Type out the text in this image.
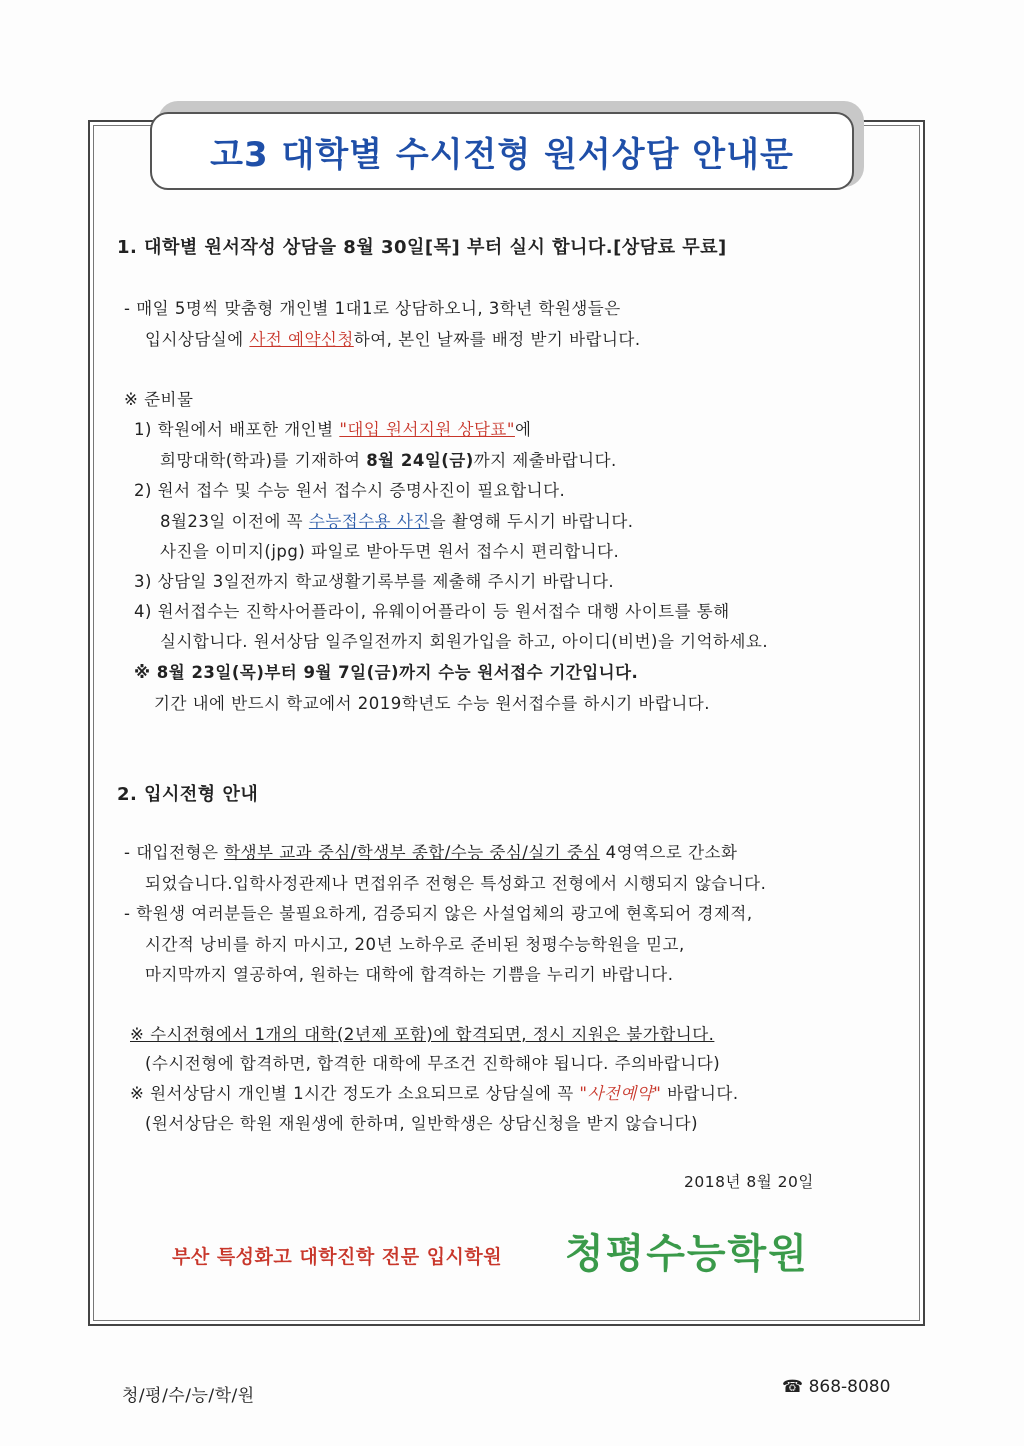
고3 대학별 수시전형 원서상담 안내문
1. 대학별 원서작성 상담을 8월 30일[목] 부터 실시 합니다.[상담료 무료]
- 매일 5명씩 맞춤형 개인별 1대1로 상담하오니, 3학년 학원생들은
입시상담실에 사전 예약신청하여, 본인 날짜를 배정 받기 바랍니다.
※ 준비물
1) 학원에서 배포한 개인별 "대입 원서지원 상담표"에
희망대학(학과)를 기재하여 8월 24일(금)까지 제출바랍니다.
2) 원서 접수 및 수능 원서 접수시 증명사진이 필요합니다.
8월23일 이전에 꼭 수능접수용 사진을 촬영해 두시기 바랍니다.
사진을 이미지(jpg) 파일로 받아두면 원서 접수시 편리합니다.
3) 상담일 3일전까지 학교생활기록부를 제출해 주시기 바랍니다.
4) 원서접수는 진학사어플라이, 유웨이어플라이 등 원서접수 대행 사이트를 통해
실시합니다. 원서상담 일주일전까지 회원가입을 하고, 아이디(비번)을 기억하세요.
※ 8월 23일(목)부터 9월 7일(금)까지 수능 원서접수 기간입니다.
기간 내에 반드시 학교에서 2019학년도 수능 원서접수를 하시기 바랍니다.
2. 입시전형 안내
- 대입전형은 학생부 교과 중심/학생부 종합/수능 중심/실기 중심 4영역으로 간소화
되었습니다.입학사정관제나 면접위주 전형은 특성화고 전형에서 시행되지 않습니다.
- 학원생 여러분들은 불필요하게, 검증되지 않은 사설업체의 광고에 현혹되어 경제적,
시간적 낭비를 하지 마시고, 20년 노하우로 준비된 청평수능학원을 믿고,
마지막까지 열공하여, 원하는 대학에 합격하는 기쁨을 누리기 바랍니다.
※ 수시전형에서 1개의 대학(2년제 포함)에 합격되면, 정시 지원은 불가합니다.
(수시전형에 합격하면, 합격한 대학에 무조건 진학해야 됩니다. 주의바랍니다)
※ 원서상담시 개인별 1시간 정도가 소요되므로 상담실에 꼭 "사전예약" 바랍니다.
(원서상담은 학원 재원생에 한하며, 일반학생은 상담신청을 받지 않습니다)
2018년 8월 20일
부산 특성화고 대학진학 전문 입시학원 청평수능학원
청/평/수/능/학/원	☎ 868-8080
